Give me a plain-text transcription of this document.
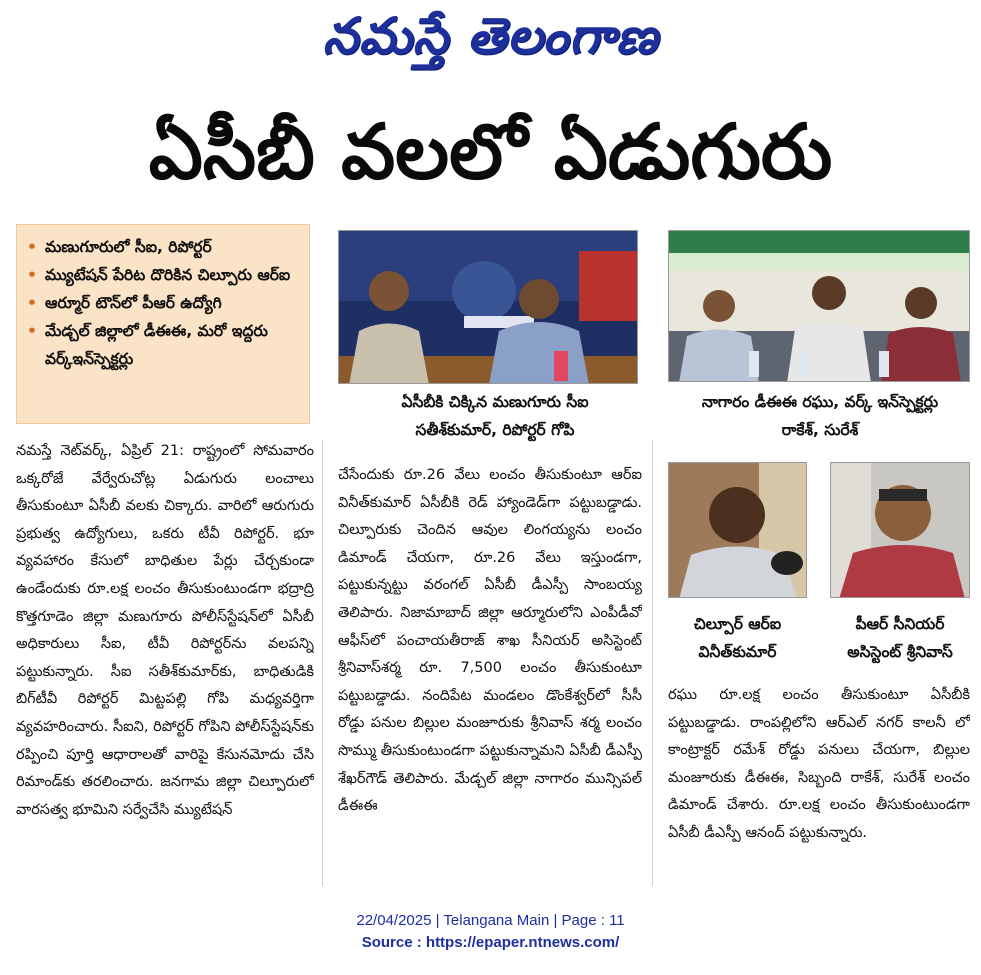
నమస్తే తెలంగాణ
ఏసీబీ వలలో ఏడుగురు
• మణుగూరులో సీఐ, రిపోర్టర్
• మ్యుటేషన్ పేరిట దొరికిన చిల్పూరు ఆర్ఐ
• ఆర్మూర్ టౌన్‌లో పీఆర్ ఉద్యోగి
• మేడ్చల్ జిల్లాలో డీఈఈ, మరో ఇద్దరు వర్క్ఇన్‌స్పెక్టర్లు
ఏసీబీకి చిక్కిన మణుగూరు సీఐ సతీశ్‌కుమార్, రిపోర్టర్ గోపి
నాగారం డీఈఈ రఘు, వర్క్ ఇన్‌స్పెక్టర్లు రాకేశ్, సురేశ్
చిల్పూర్ ఆర్ఐ వినీత్‌కుమార్
పీఆర్ సీనియర్ అసిస్టెంట్ శ్రీనివాస్

నమస్తే నెట్‌వర్క్, ఏప్రిల్ 21: రాష్ట్రంలో సోమవారం ఒక్కరోజే వేర్వేరుచోట్ల ఏడుగురు లంచాలు తీసుకుంటూ ఏసీబీ వలకు చిక్కారు. వారిలో ఆరుగురు ప్రభుత్వ ఉద్యోగులు, ఒకరు టీవీ రిపోర్టర్. భూ వ్యవహారం కేసులో బాధితుల పేర్లు చేర్చకుండా ఉండేందుకు రూ.లక్ష లంచం తీసుకుంటుండగా భద్రాద్రి కొత్తగూడెం జిల్లా మణుగూరు పోలీస్‌స్టేషన్‌లో ఏసీబీ అధికారులు సీఐ, టీవీ రిపోర్టర్‌ను వలపన్ని పట్టుకున్నారు. సీఐ సతీశ్‌కుమార్‌కు, బాధితుడికి బిగ్‌టీవీ రిపోర్టర్ మిట్టపల్లి గోపి మధ్యవర్తిగా వ్యవహరించారు. సీఐని, రిపోర్టర్ గోపిని పోలీస్‌స్టేషన్‌కు రప్పించి పూర్తి ఆధారాలతో వారిపై కేసునమోదు చేసి రిమాండ్‌కు తరలించారు. జనగామ జిల్లా చిల్పూరులో వారసత్వ భూమిని సర్వేచేసి మ్యుటేషన్

చేసేందుకు రూ.26 వేలు లంచం తీసుకుంటూ ఆర్ఐ వినీత్‌కుమార్ ఏసీబీకి రెడ్ హ్యాండెడ్‌గా పట్టుబడ్డాడు. చిల్పూరుకు చెందిన ఆవుల లింగయ్యను లంచం డిమాండ్ చేయగా, రూ.26 వేలు ఇస్తుండగా, పట్టుకున్నట్టు వరంగల్ ఏసీబీ డీఎస్పీ సాంబయ్య తెలిపారు. నిజామాబాద్ జిల్లా ఆర్మూరులోని ఎంపీడీవో ఆఫీస్‌లో పంచాయతీరాజ్ శాఖ సీనియర్ అసిస్టెంట్ శ్రీనివాస్‌శర్మ రూ. 7,500 లంచం తీసుకుంటూ పట్టుబడ్డాడు. నందిపేట మండలం డొంకేశ్వర్‌లో సీసీ రోడ్డు పనుల బిల్లుల మంజూరుకు శ్రీనివాస్ శర్మ లంచం సొమ్ము తీసుకుంటుండగా పట్టుకున్నామని ఏసీబీ డీఎస్పీ శేఖర్‌గౌడ్ తెలిపారు. మేడ్చల్ జిల్లా నాగారం మున్సిపల్ డీఈఈ

రఘు రూ.లక్ష లంచం తీసుకుంటూ ఏసీబీకి పట్టుబడ్డాడు. రాంపల్లిలోని ఆర్ఎల్ నగర్ కాలనీ లో కాంట్రాక్టర్ రమేశ్ రోడ్డు పనులు చేయగా, బిల్లుల మంజూరుకు డీఈఈ, సిబ్బంది రాకేశ్, సురేశ్ లంచం డిమాండ్ చేశారు. రూ.లక్ష లంచం తీసుకుంటుండగా ఏసీబీ డీఎస్పీ ఆనంద్ పట్టుకున్నారు.

22/04/2025 | Telangana Main | Page : 11
Source : https://epaper.ntnews.com/
